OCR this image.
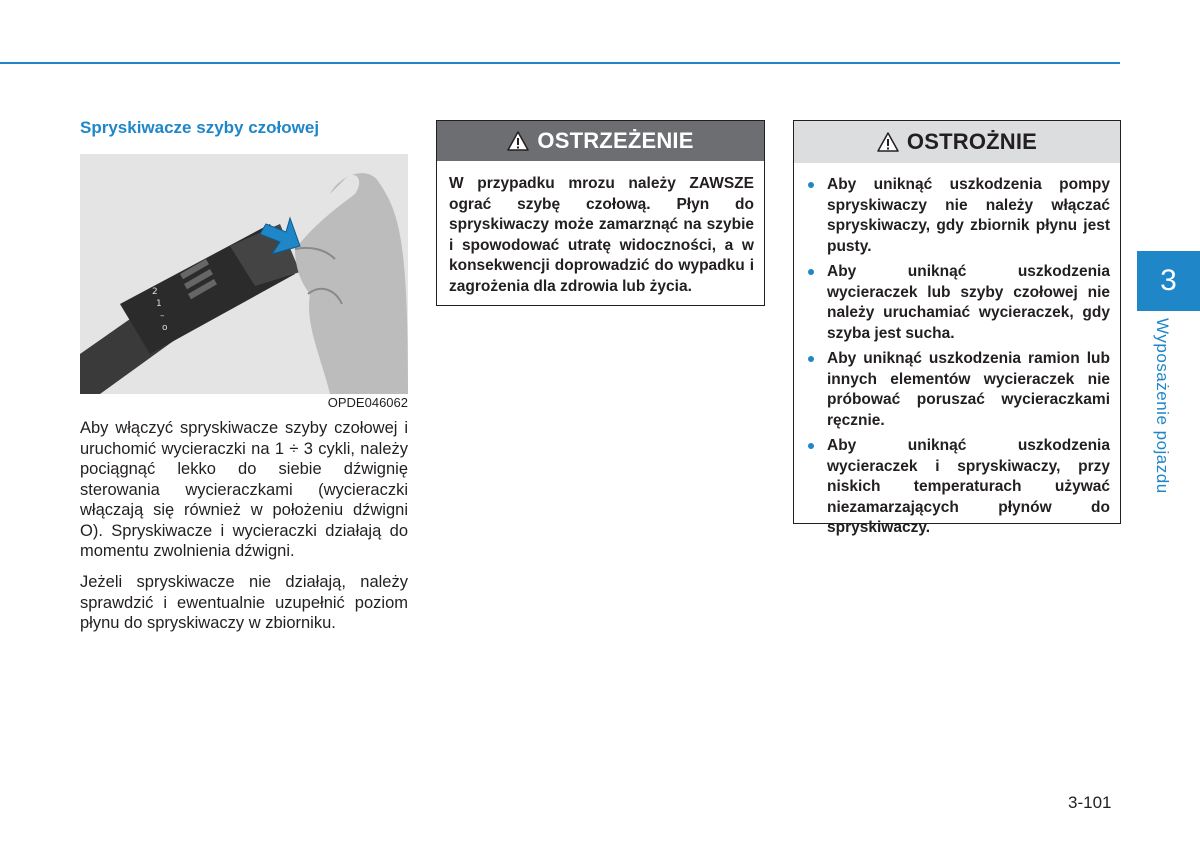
Spryskiwacze szyby czołowej
2
1
–
o
OPDE046062
Aby włączyć spryskiwacze szyby czołowej i uruchomić wycieraczki na 1 ÷ 3 cykli, należy pociągnąć lekko do siebie dźwignię sterowania wycieraczkami (wycieraczki włączają się również w położeniu dźwigni O). Spryskiwacze i wycieraczki działają do momentu zwolnienia dźwigni.
Jeżeli spryskiwacze nie działają, należy sprawdzić i ewentualnie uzupełnić poziom płynu do spryskiwaczy w zbiorniku.
OSTRZEŻENIE
W przypadku mrozu należy ZAWSZE ograć szybę czołową. Płyn do spryskiwaczy może zamarznąć na szybie i spowodować utratę widoczności, a w konsekwencji doprowadzić do wypadku i zagrożenia dla zdrowia lub życia.
OSTROŻNIE
Aby uniknąć uszkodzenia pompy spryskiwaczy nie należy włączać spryskiwaczy, gdy zbiornik płynu jest pusty.
Aby uniknąć uszkodzenia wycieraczek lub szyby czołowej nie należy uruchamiać wycieraczek, gdy szyba jest sucha.
Aby uniknąć uszkodzenia ramion lub innych elementów wycieraczek nie próbować poruszać wycieraczkami ręcznie.
Aby uniknąć uszkodzenia wycieraczek i spryskiwaczy, przy niskich temperaturach używać niezamarzających płynów do spryskiwaczy.
3
Wyposażenie pojazdu
3-101
